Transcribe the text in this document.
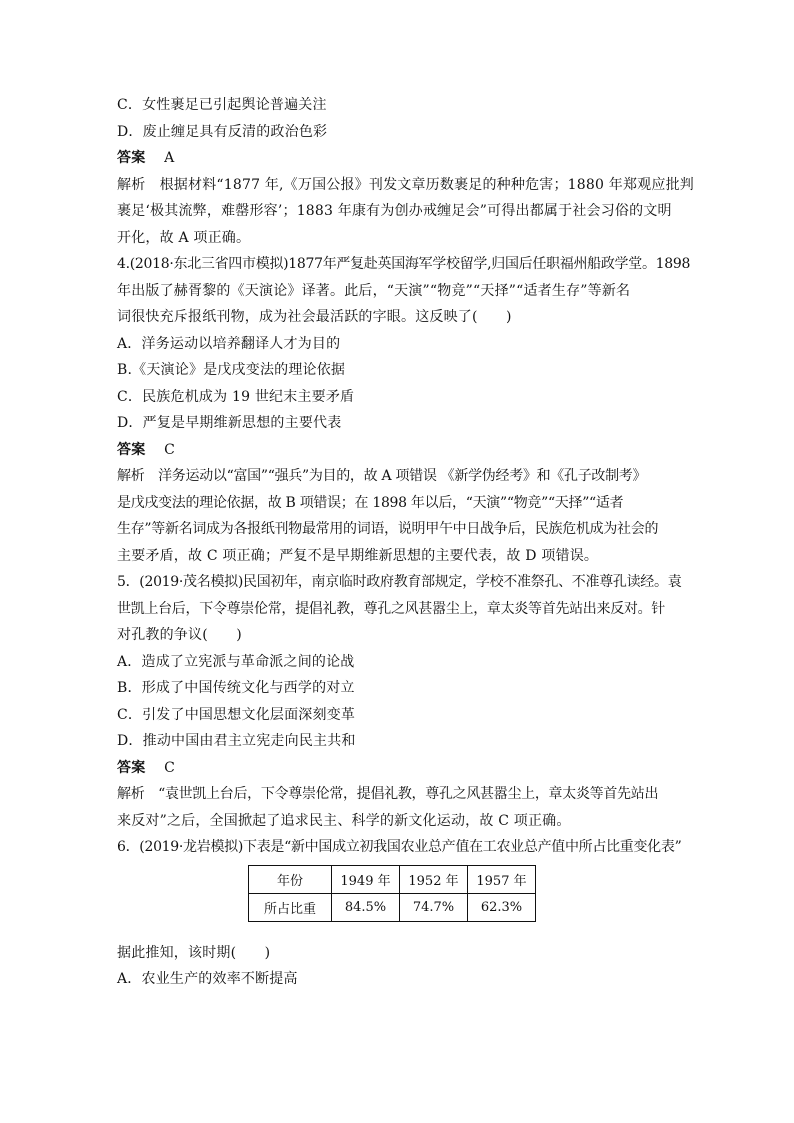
C．女性裹足已引起舆论普遍关注
D．废止缠足具有反清的政治色彩
答案 A
解析　根据材料“1877 年,《万国公报》刊发文章历数裹足的种种危害；1880 年郑观应批判
裹足‘极其流弊，难罄形容’；1883 年康有为创办戒缠足会”可得出都属于社会习俗的文明
开化，故 A 项正确。
4.(2018·东北三省四市模拟)1877年严复赴英国海军学校留学,归国后任职福州船政学堂。1898
年出版了赫胥黎的《天演论》译著。此后，“天演”“物竞”“天择”“适者生存”等新名
词很快充斥报纸刊物，成为社会最活跃的字眼。这反映了(　　)
A．洋务运动以培养翻译人才为目的
B.《天演论》是戊戌变法的理论依据
C．民族危机成为 19 世纪末主要矛盾
D．严复是早期维新思想的主要代表
答案 C
解析　洋务运动以“富国”“强兵”为目的，故 A 项错误 《新学伪经考》和《孔子改制考》
是戊戌变法的理论依据，故 B 项错误；在 1898 年以后，“天演”“物竞”“天择”“适者
生存”等新名词成为各报纸刊物最常用的词语，说明甲午中日战争后，民族危机成为社会的
主要矛盾，故 C 项正确；严复不是早期维新思想的主要代表，故 D 项错误。
5．(2019·茂名模拟)民国初年，南京临时政府教育部规定，学校不准祭孔、不准尊孔读经。袁
世凯上台后，下令尊崇伦常，提倡礼教，尊孔之风甚嚣尘上，章太炎等首先站出来反对。针
对孔教的争议(　　)
A．造成了立宪派与革命派之间的论战
B．形成了中国传统文化与西学的对立
C．引发了中国思想文化层面深刻变革
D．推动中国由君主立宪走向民主共和
答案 C
解析　“袁世凯上台后，下令尊崇伦常，提倡礼教，尊孔之风甚嚣尘上，章太炎等首先站出
来反对”之后，全国掀起了追求民主、科学的新文化运动，故 C 项正确。
6．(2019·龙岩模拟)下表是“新中国成立初我国农业总产值在工农业总产值中所占比重变化表”
年份	1949 年	1952 年	1957 年
所占比重	84.5%	74.7%	62.3%
据此推知，该时期(　　)
A．农业生产的效率不断提高
